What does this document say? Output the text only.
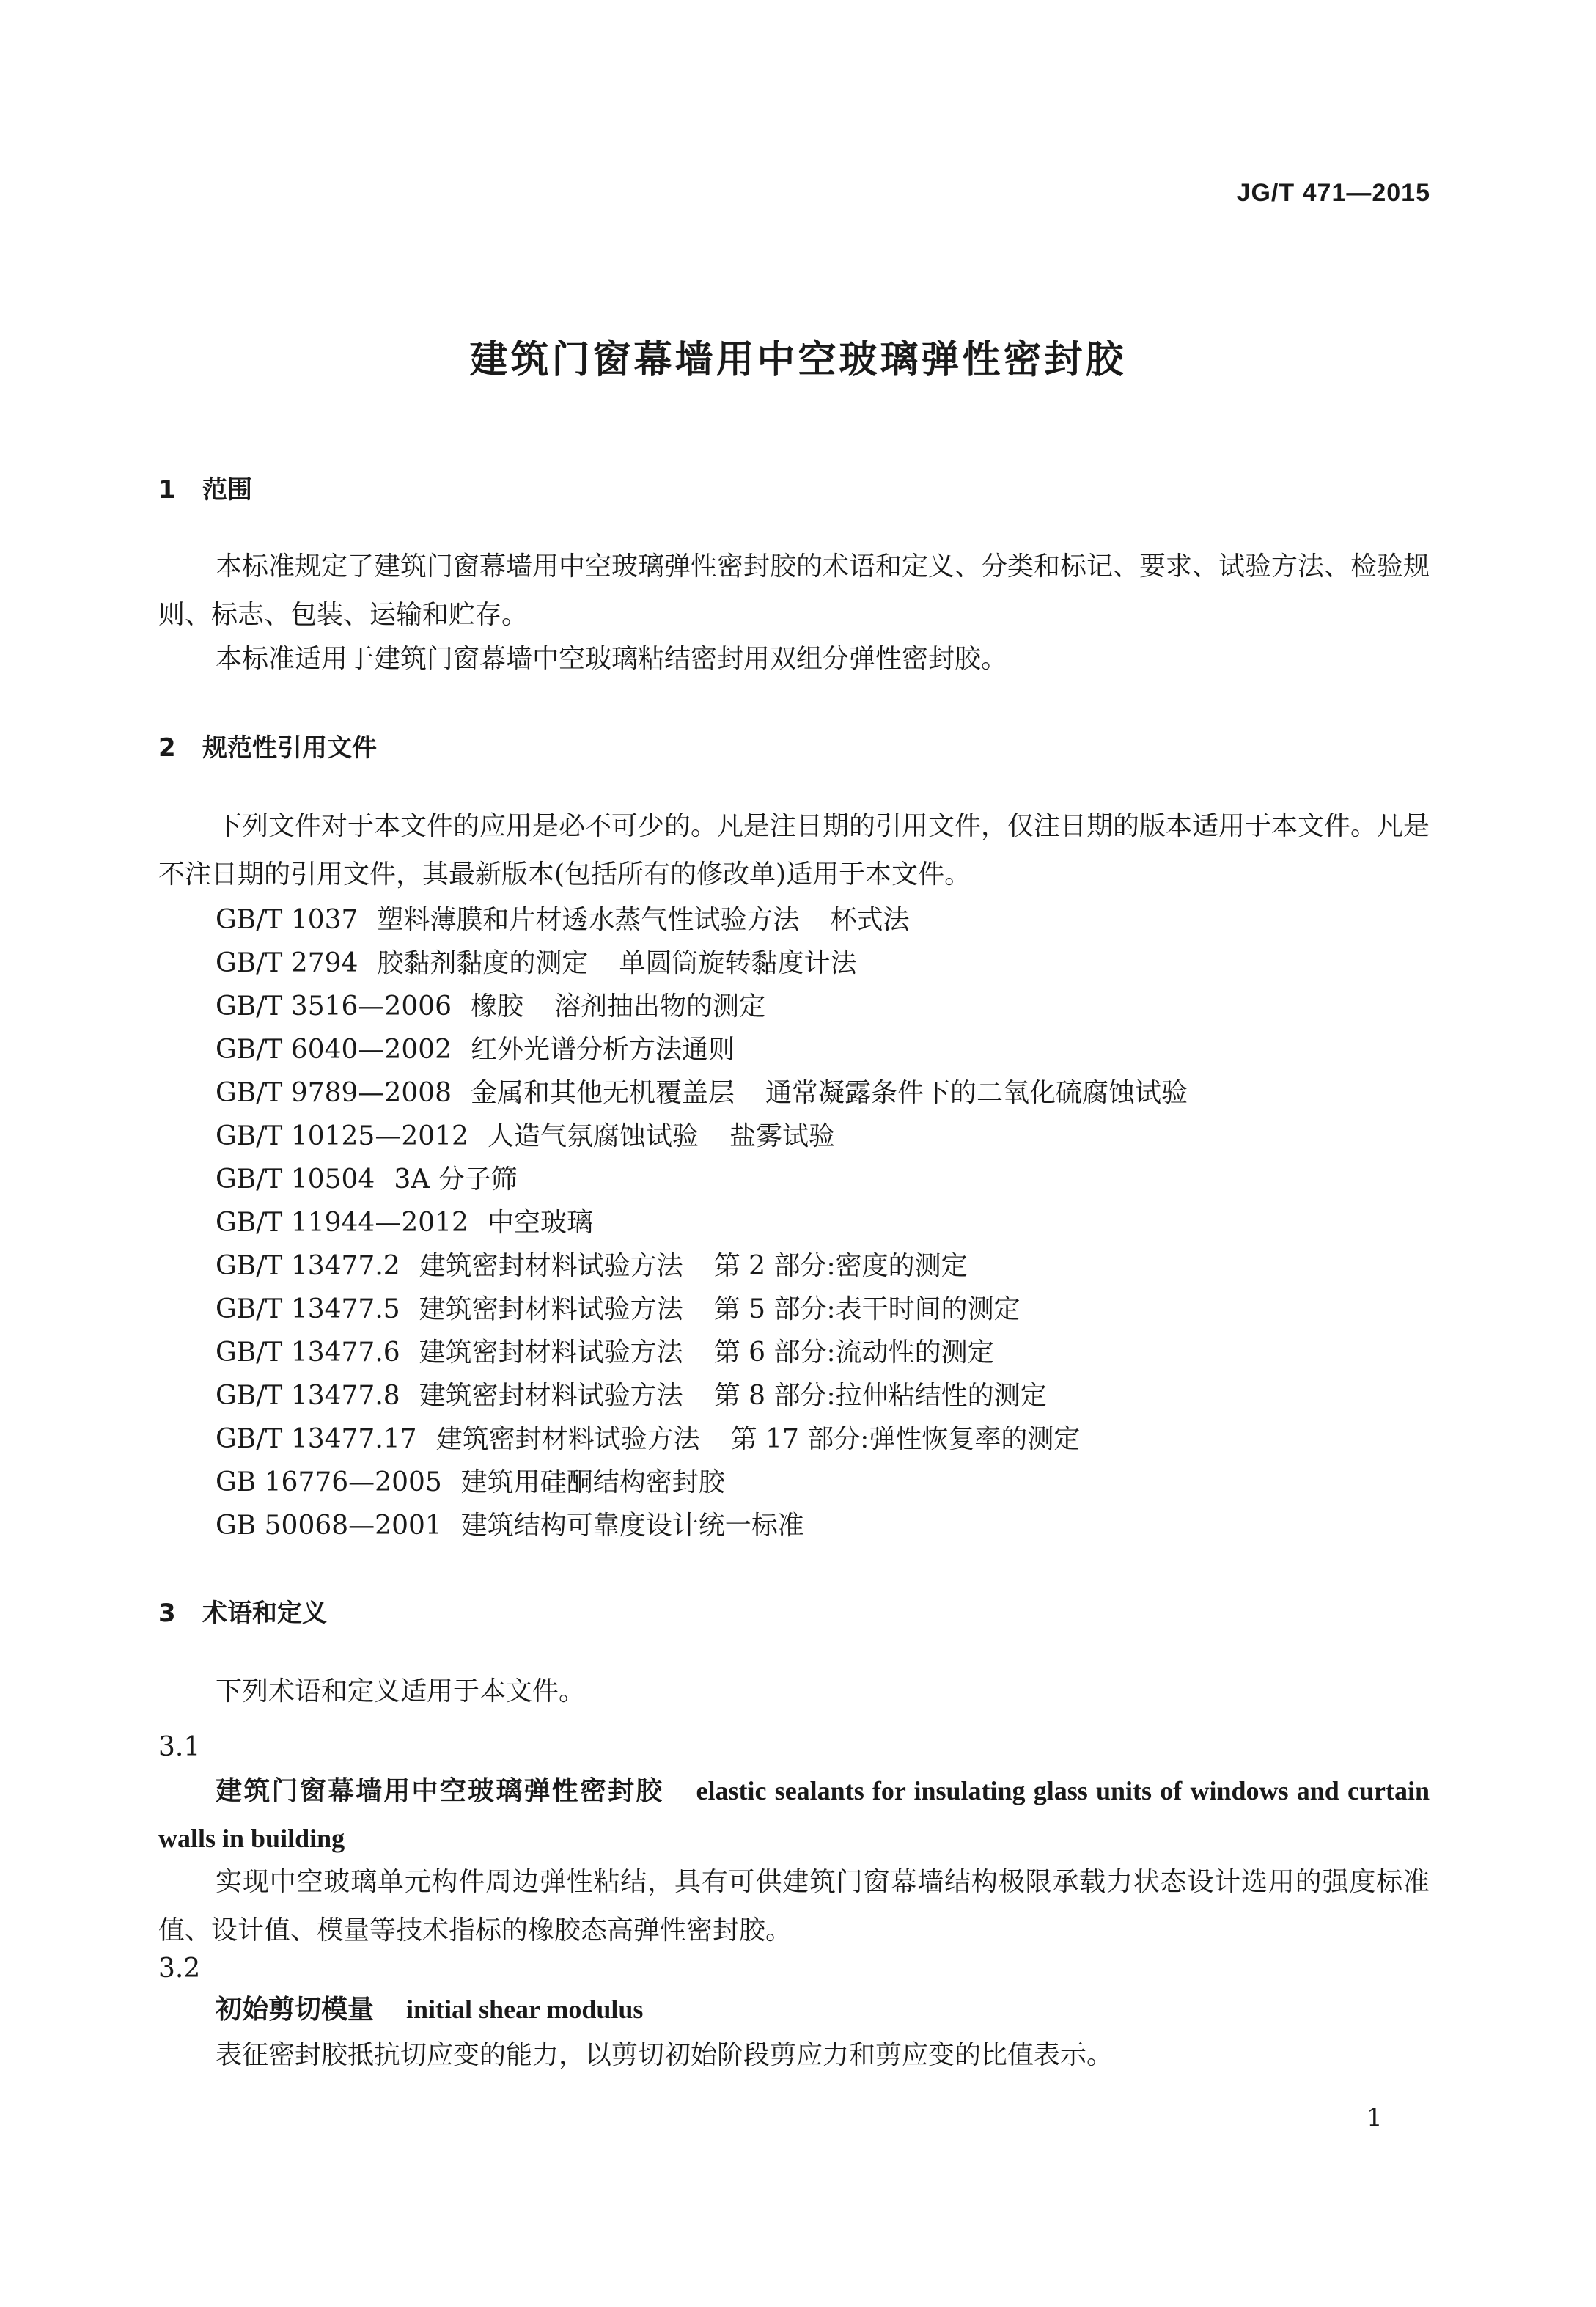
JG/T 471—2015
建筑门窗幕墙用中空玻璃弹性密封胶
1 范围

本标准规定了建筑门窗幕墙用中空玻璃弹性密封胶的术语和定义、分类和标记、要求、试验方法、检验规则、标志、包装、运输和贮存。

本标准适用于建筑门窗幕墙中空玻璃粘结密封用双组分弹性密封胶。

2 规范性引用文件

下列文件对于本文件的应用是必不可少的。凡是注日期的引用文件，仅注日期的版本适用于本文件。凡是不注日期的引用文件，其最新版本(包括所有的修改单)适用于本文件。

GB/T 1037 塑料薄膜和片材透水蒸气性试验方法 杯式法
GB/T 2794 胶黏剂黏度的测定 单圆筒旋转黏度计法
GB/T 3516—2006 橡胶 溶剂抽出物的测定
GB/T 6040—2002 红外光谱分析方法通则
GB/T 9789—2008 金属和其他无机覆盖层 通常凝露条件下的二氧化硫腐蚀试验
GB/T 10125—2012 人造气氛腐蚀试验 盐雾试验
GB/T 10504 3A 分子筛
GB/T 11944—2012 中空玻璃
GB/T 13477.2 建筑密封材料试验方法 第 2 部分:密度的测定
GB/T 13477.5 建筑密封材料试验方法 第 5 部分:表干时间的测定
GB/T 13477.6 建筑密封材料试验方法 第 6 部分:流动性的测定
GB/T 13477.8 建筑密封材料试验方法 第 8 部分:拉伸粘结性的测定
GB/T 13477.17 建筑密封材料试验方法 第 17 部分:弹性恢复率的测定
GB 16776—2005 建筑用硅酮结构密封胶
GB 50068—2001 建筑结构可靠度设计统一标准
3 术语和定义

下列术语和定义适用于本文件。

3.1

建筑门窗幕墙用中空玻璃弹性密封胶 elastic sealants for insulating glass units of windows and curtain walls in building

实现中空玻璃单元构件周边弹性粘结，具有可供建筑门窗幕墙结构极限承载力状态设计选用的强度标准值、设计值、模量等技术指标的橡胶态高弹性密封胶。

3.2

初始剪切模量 initial shear modulus

表征密封胶抵抗切应变的能力，以剪切初始阶段剪应力和剪应变的比值表示。

1
